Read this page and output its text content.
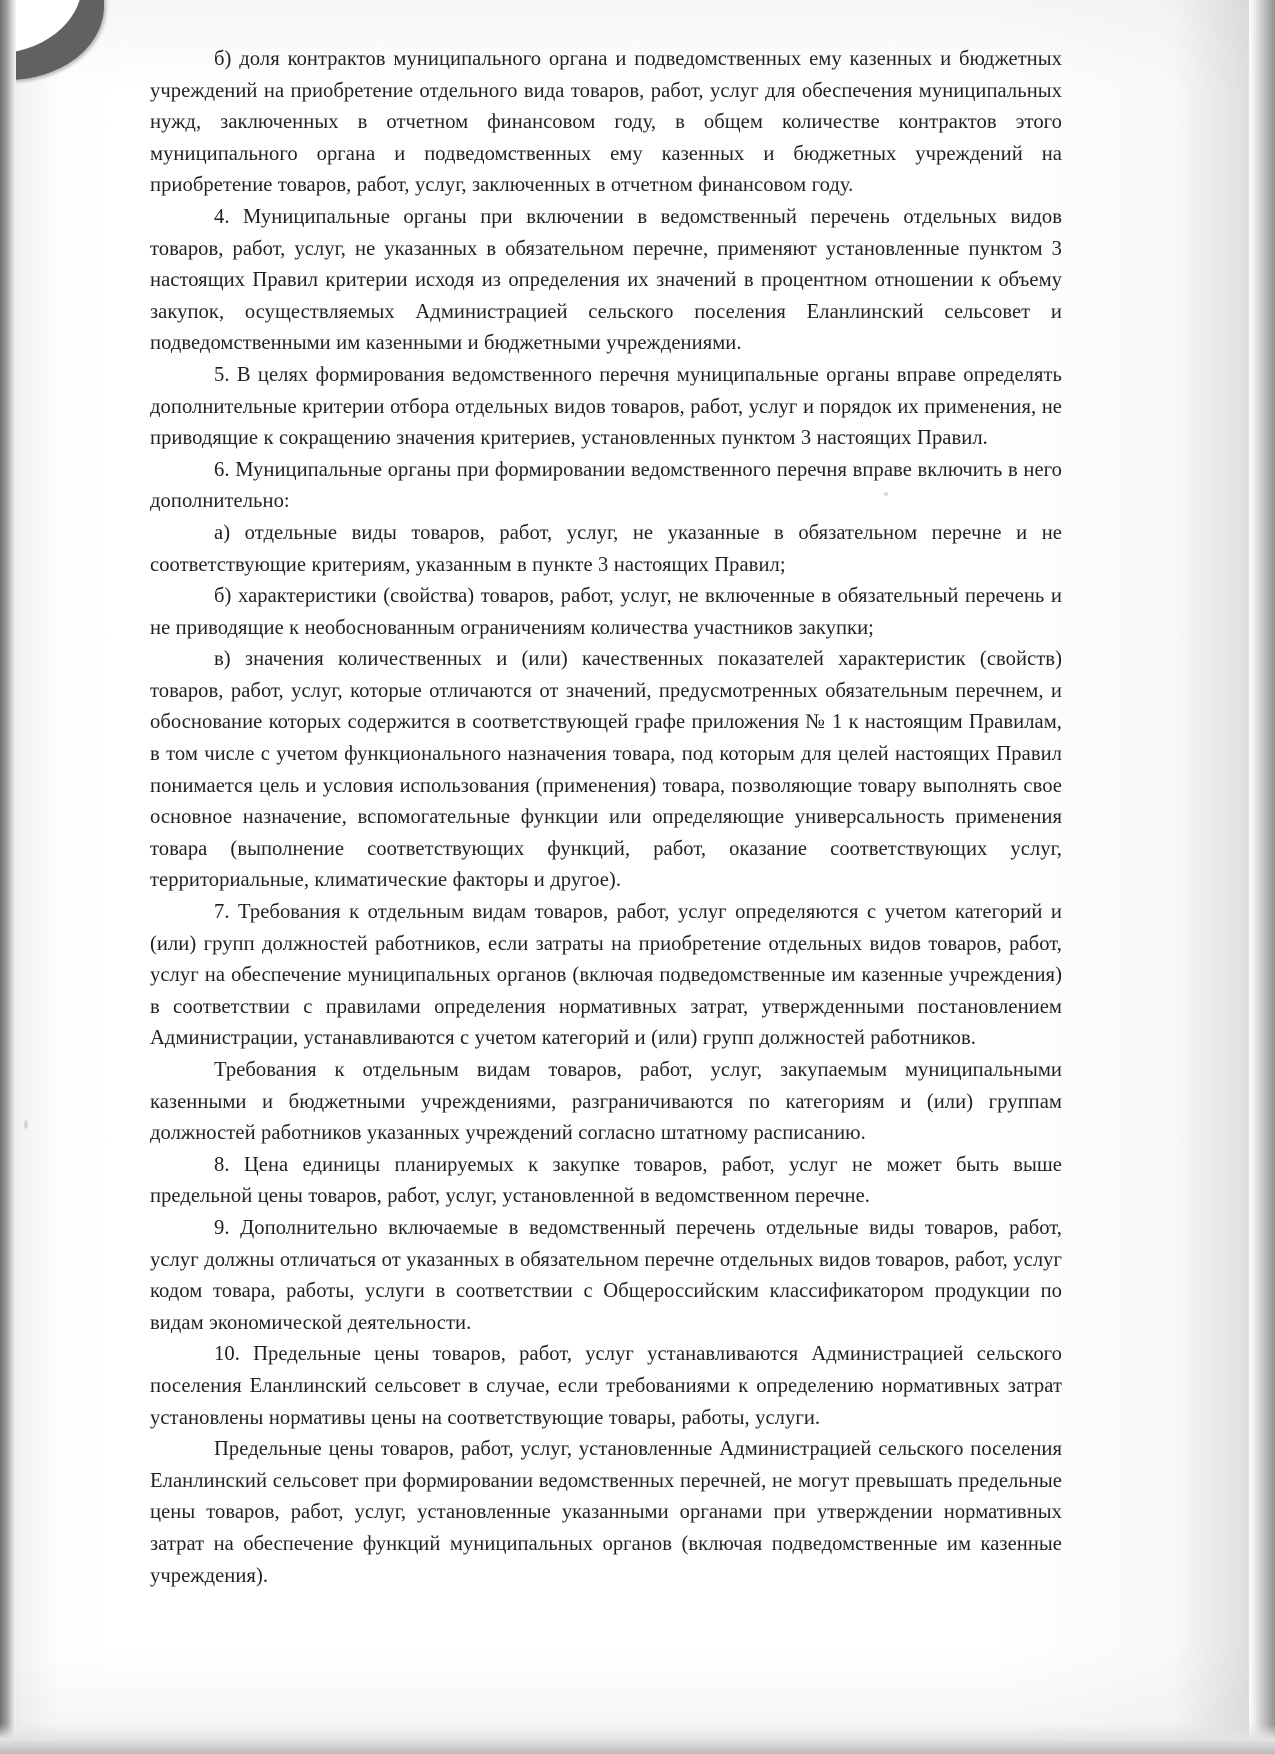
б) доля контрактов муниципального органа и подведомственных ему казенных и бюджетных учреждений на приобретение отдельного вида товаров, работ, услуг для обеспечения муниципальных нужд, заключенных в отчетном финансовом году, в общем количестве контрактов этого муниципального органа и подведомственных ему казенных и бюджетных учреждений на приобретение товаров, работ, услуг, заключенных в отчетном финансовом году.

4. Муниципальные органы при включении в ведомственный перечень отдельных видов товаров, работ, услуг, не указанных в обязательном перечне, применяют установленные пунктом 3 настоящих Правил критерии исходя из определения их значений в процентном отношении к объему закупок, осуществляемых Администрацией сельского поселения Еланлинский сельсовет и подведомственными им казенными и бюджетными учреждениями.

5. В целях формирования ведомственного перечня муниципальные органы вправе определять дополнительные критерии отбора отдельных видов товаров, работ, услуг и порядок их применения, не приводящие к сокращению значения критериев, установленных пунктом 3 настоящих Правил.

6. Муниципальные органы при формировании ведомственного перечня вправе включить в него дополнительно:

а) отдельные виды товаров, работ, услуг, не указанные в обязательном перечне и не соответствующие критериям, указанным в пункте 3 настоящих Правил;

б) характеристики (свойства) товаров, работ, услуг, не включенные в обязательный перечень и не приводящие к необоснованным ограничениям количества участников закупки;

в) значения количественных и (или) качественных показателей характеристик (свойств) товаров, работ, услуг, которые отличаются от значений, предусмотренных обязательным перечнем, и обоснование которых содержится в соответствующей графе приложения № 1 к настоящим Правилам, в том числе с учетом функционального назначения товара, под которым для целей настоящих Правил понимается цель и условия использования (применения) товара, позволяющие товару выполнять свое основное назначение, вспомогательные функции или определяющие универсальность применения товара (выполнение соответствующих функций, работ, оказание соответствующих услуг, территориальные, климатические факторы и другое).

7. Требования к отдельным видам товаров, работ, услуг определяются с учетом категорий и (или) групп должностей работников, если затраты на приобретение отдельных видов товаров, работ, услуг на обеспечение муниципальных органов (включая подведомственные им казенные учреждения) в соответствии с правилами определения нормативных затрат, утвержденными постановлением Администрации, устанавливаются с учетом категорий и (или) групп должностей работников.

Требования к отдельным видам товаров, работ, услуг, закупаемым муниципальными казенными и бюджетными учреждениями, разграничиваются по категориям и (или) группам должностей работников указанных учреждений согласно штатному расписанию.

8. Цена единицы планируемых к закупке товаров, работ, услуг не может быть выше предельной цены товаров, работ, услуг, установленной в ведомственном перечне.

9. Дополнительно включаемые в ведомственный перечень отдельные виды товаров, работ, услуг должны отличаться от указанных в обязательном перечне отдельных видов товаров, работ, услуг кодом товара, работы, услуги в соответствии с Общероссийским классификатором продукции по видам экономической деятельности.

10. Предельные цены товаров, работ, услуг устанавливаются Администрацией сельского поселения Еланлинский сельсовет в случае, если требованиями к определению нормативных затрат установлены нормативы цены на соответствующие товары, работы, услуги.

Предельные цены товаров, работ, услуг, установленные Администрацией сельского поселения Еланлинский сельсовет при формировании ведомственных перечней, не могут превышать предельные цены товаров, работ, услуг, установленные указанными органами при утверждении нормативных затрат на обеспечение функций муниципальных органов (включая подведомственные им казенные учреждения).
